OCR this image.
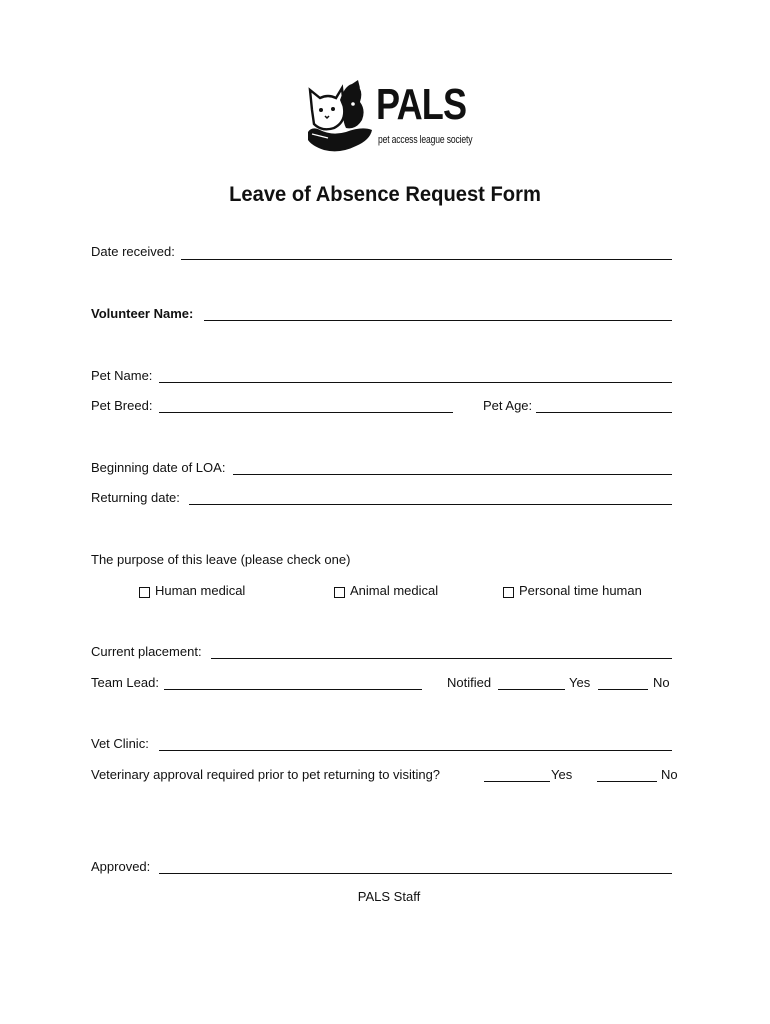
PALS
pet access league society
Leave of Absence Request Form
Date received:
Volunteer Name:
Pet Name:
Pet Breed:	Pet Age:
Beginning date of LOA:
Returning date:
The purpose of this leave (please check one)
Human medical	Animal medical	Personal time human
Current placement:
Team Lead:	Notified	Yes	No
Vet Clinic:
Veterinary approval required prior to pet returning to visiting?	Yes	No
Approved:
PALS Staff
